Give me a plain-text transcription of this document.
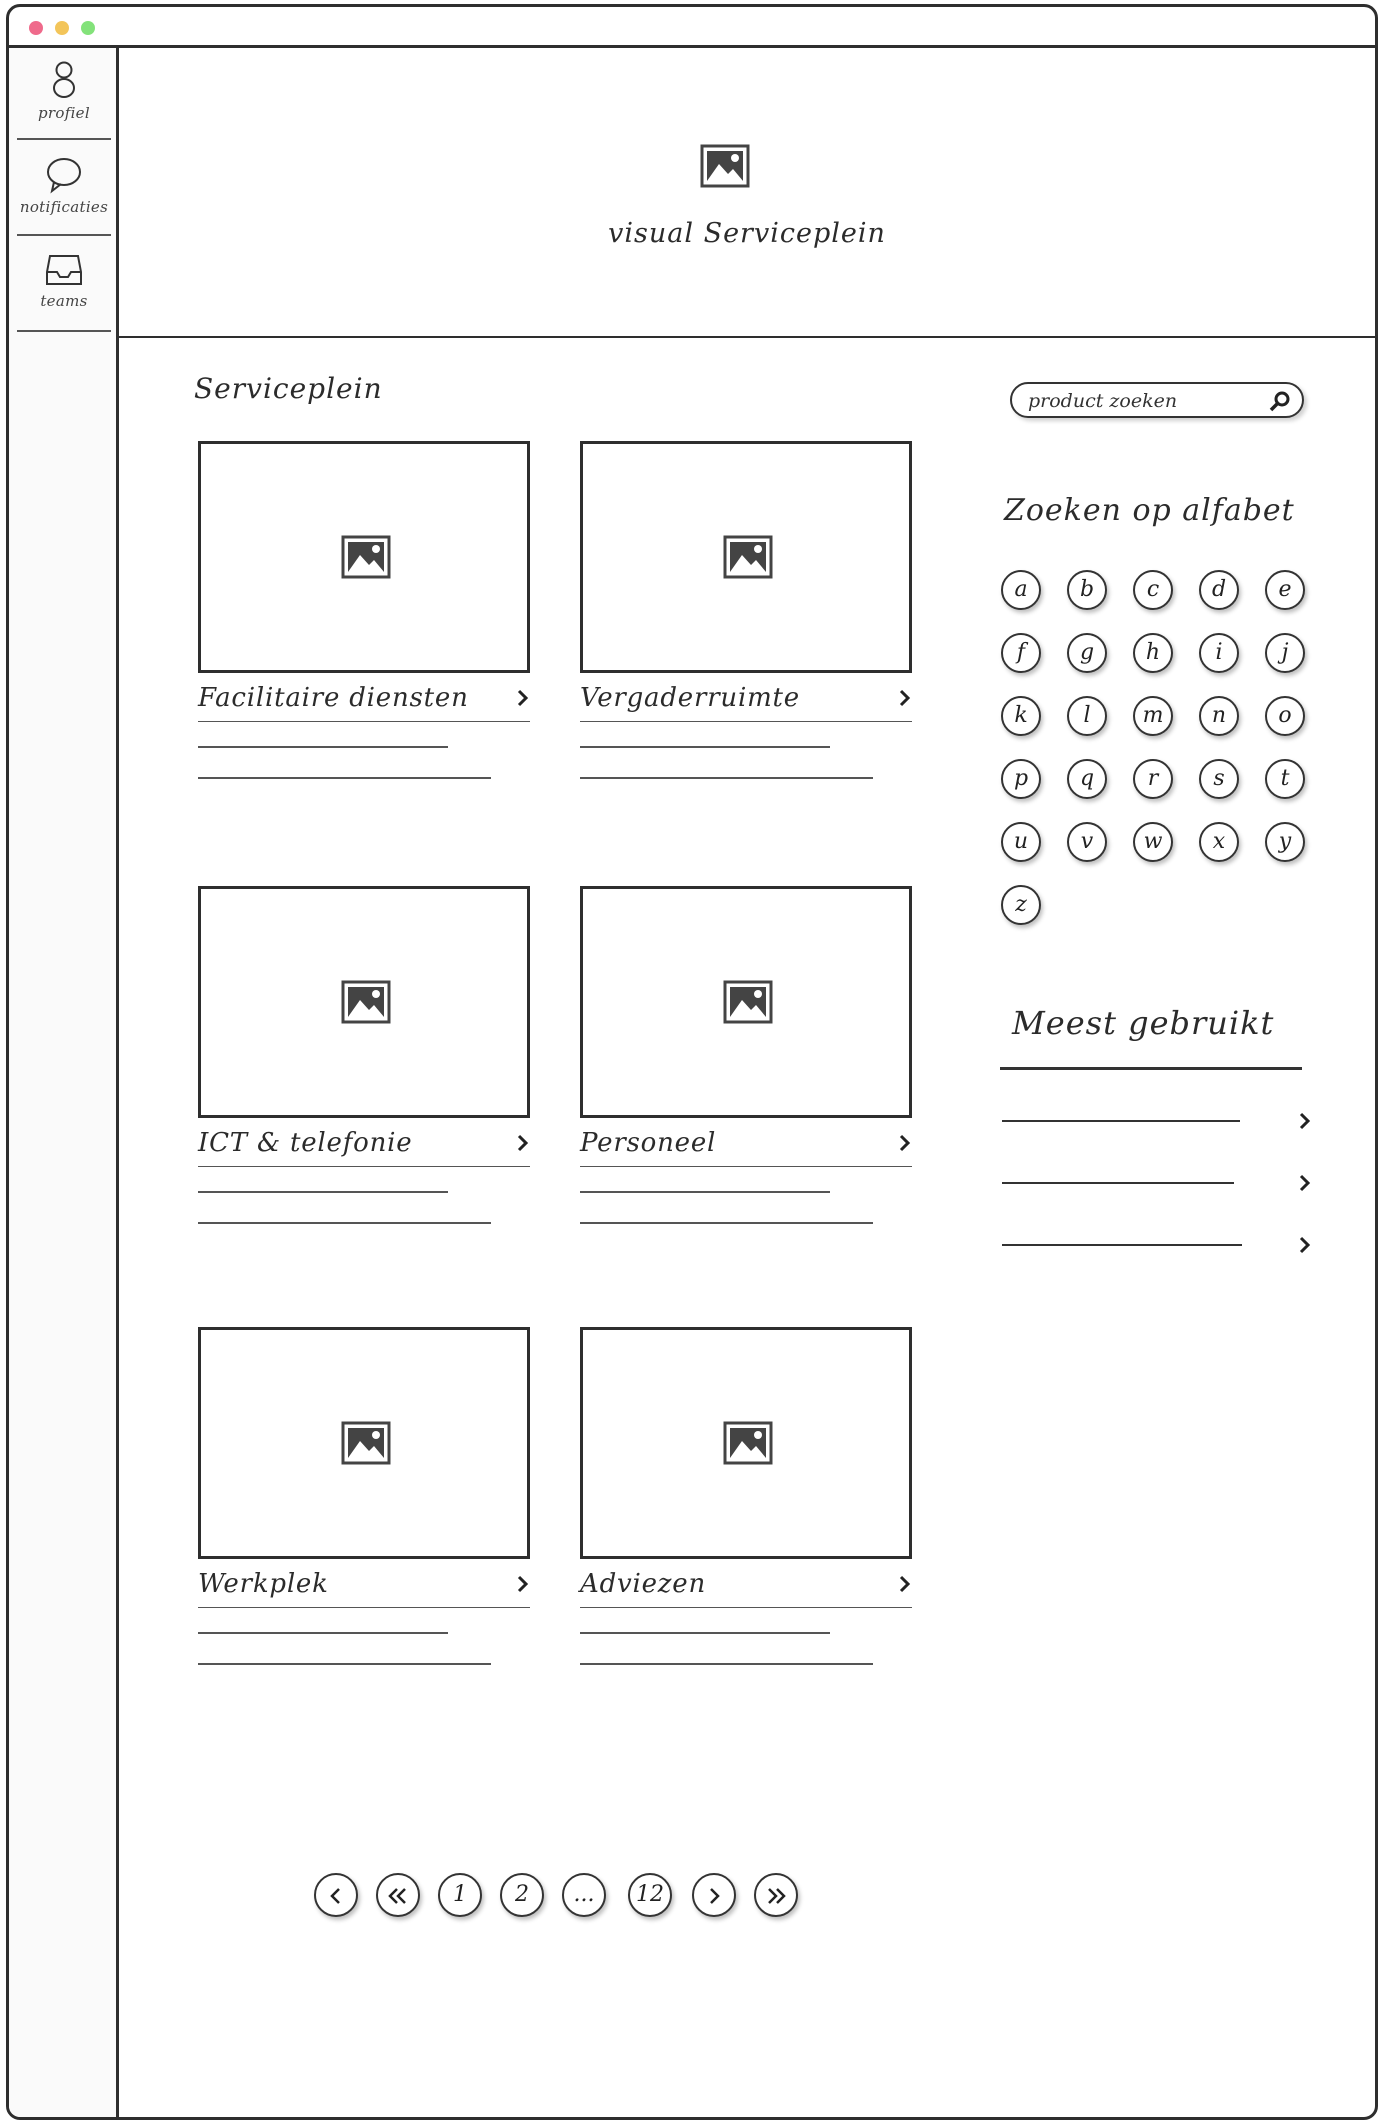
profiel
notificaties
teams
visual Serviceplein
Serviceplein
Facilitaire diensten	Vergaderruimte
ICT & telefonie	Personeel
Werkplek	Adviezen
product zoeken
Zoeken op alfabet
a	b	c	d	e
f	g	h	i	j
k	l	m	n	o
p	q	r	s	t
u	v	w	x	y
z
Meest gebruikt
1	2	...	12
